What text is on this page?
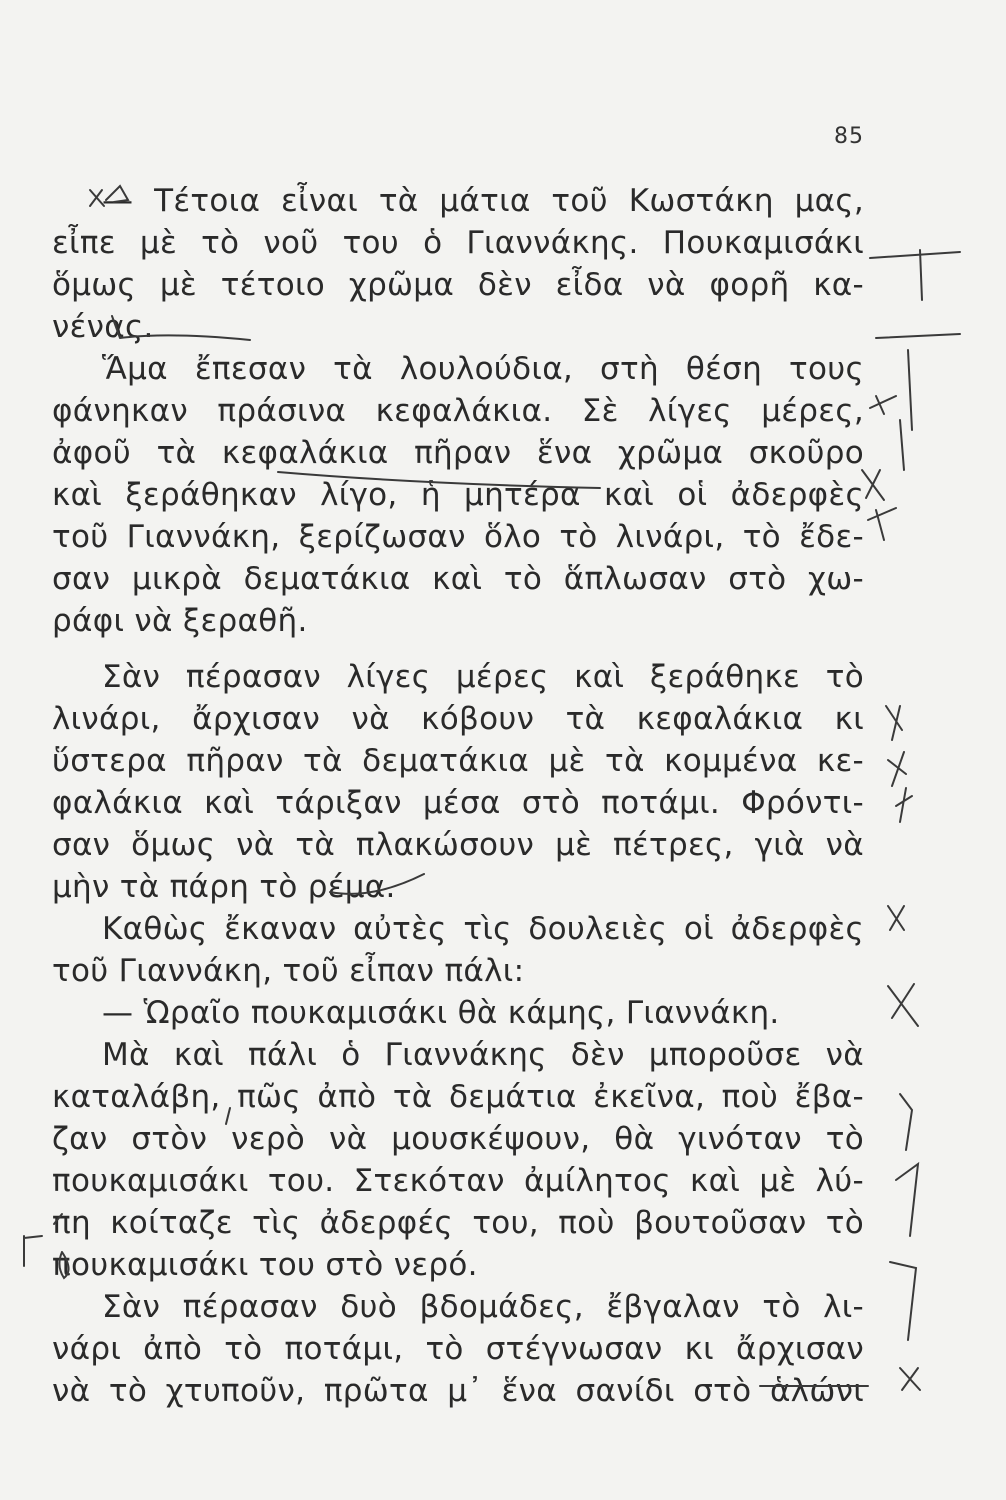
85
— Τέτοια εἶναι τὰ μάτια τοῦ Κωστάκη μας,
εἶπε μὲ τὸ νοῦ του ὁ Γιαννάκης. Πουκαμισάκι
ὅμως μὲ τέτοιο χρῶμα δὲν εἶδα νὰ φορῆ κα-
νένας.
Ἅμα ἔπεσαν τὰ λουλούδια, στὴ θέση τους
φάνηκαν πράσινα κεφαλάκια. Σὲ λίγες μέρες,
ἀφοῦ τὰ κεφαλάκια πῆραν ἕνα χρῶμα σκοῦρο
καὶ ξεράθηκαν λίγο, ἡ μητέρα καὶ οἱ ἀδερφὲς
τοῦ Γιαννάκη, ξερίζωσαν ὅλο τὸ λινάρι, τὸ ἔδε-
σαν μικρὰ δεματάκια καὶ τὸ ἅπλωσαν στὸ χω-
ράφι νὰ ξεραθῆ.
Σὰν πέρασαν λίγες μέρες καὶ ξεράθηκε τὸ
λινάρι, ἄρχισαν νὰ κόβουν τὰ κεφαλάκια κι
ὕστερα πῆραν τὰ δεματάκια μὲ τὰ κομμένα κε-
φαλάκια καὶ τάριξαν μέσα στὸ ποτάμι. Φρόντι-
σαν ὅμως νὰ τὰ πλακώσουν μὲ πέτρες, γιὰ νὰ
μὴν τὰ πάρη τὸ ρέμα.
Καθὼς ἔκαναν αὐτὲς τὶς δουλειὲς οἱ ἀδερφὲς
τοῦ Γιαννάκη, τοῦ εἶπαν πάλι:
— Ὡραῖο πουκαμισάκι θὰ κάμης, Γιαννάκη.
Μὰ καὶ πάλι ὁ Γιαννάκης δὲν μποροῦσε νὰ
καταλάβη, πῶς ἀπὸ τὰ δεμάτια ἐκεῖνα, ποὺ ἔβα-
ζαν στὸν νερὸ νὰ μουσκέψουν, θὰ γινόταν τὸ
πουκαμισάκι του. Στεκόταν ἀμίλητος καὶ μὲ λύ-
πη κοίταζε τὶς ἀδερφές του, ποὺ βουτοῦσαν τὸ
πουκαμισάκι του στὸ νερό.
Σὰν πέρασαν δυὸ βδομάδες, ἔβγαλαν τὸ λι-
νάρι ἀπὸ τὸ ποτάμι, τὸ στέγνωσαν κι ἄρχισαν
νὰ τὸ χτυποῦν, πρῶτα μ᾽ ἕνα σανίδι στὸ ἁλώνι
